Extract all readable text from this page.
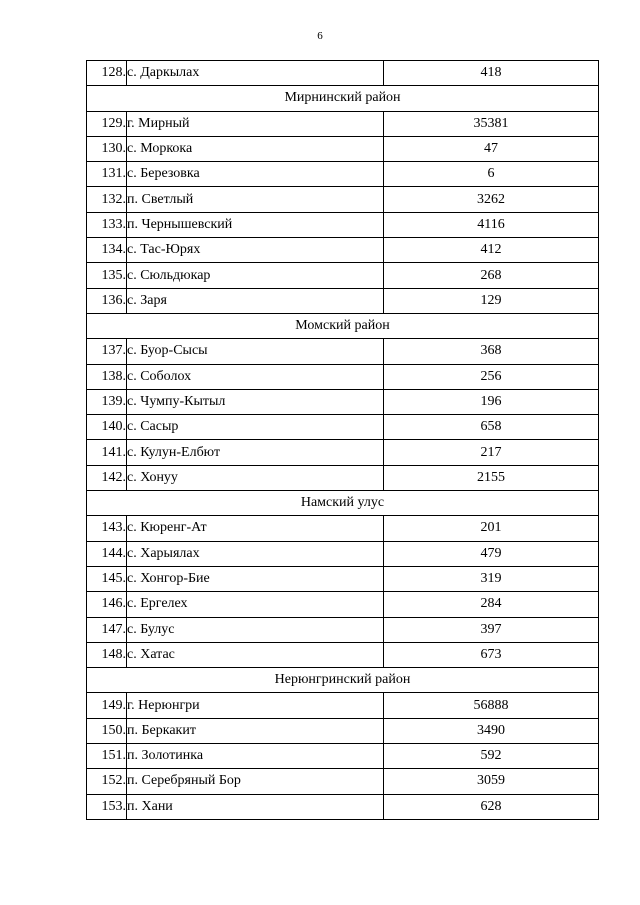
6
128.	с. Даркылах	418
Мирнинский район		
129.	г. Мирный	35381
130.	с. Моркока	47
131.	с. Березовка	6
132.	п. Светлый	3262
133.	п. Чернышевский	4116
134.	с. Тас-Юрях	412
135.	с. Сюльдюкар	268
136.	с. Заря	129
Момский район		
137.	с. Буор-Сысы	368
138.	с. Соболох	256
139.	с. Чумпу-Кытыл	196
140.	с. Сасыр	658
141.	с. Кулун-Елбют	217
142.	с. Хонуу	2155
Намский улус		
143.	с. Кюренг-Ат	201
144.	с. Харыялах	479
145.	с. Хонгор-Бие	319
146.	с. Ергелех	284
147.	с. Булус	397
148.	с. Хатас	673
Нерюнгринский район		
149.	г. Нерюнгри	56888
150.	п. Беркакит	3490
151.	п. Золотинка	592
152.	п. Серебряный Бор	3059
153.	п. Хани	628
